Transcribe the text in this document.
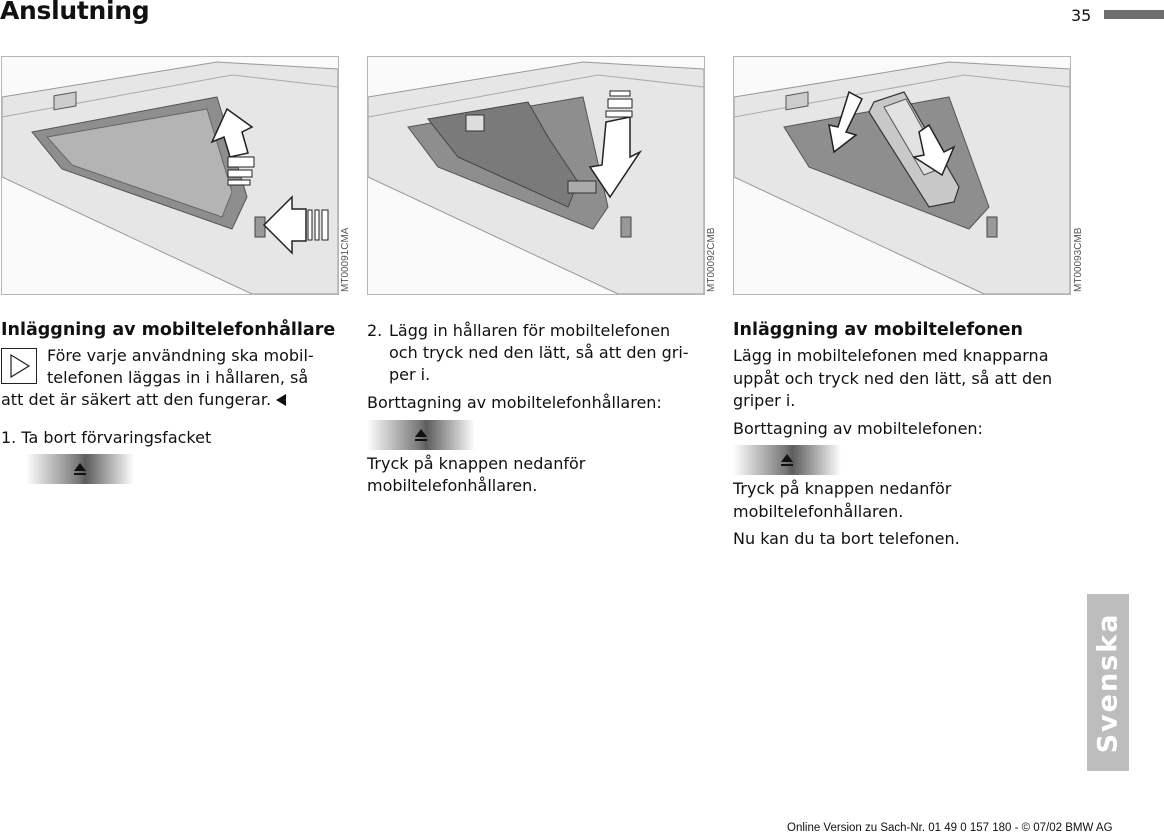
Anslutning	35
MT00091CMA	MT00092CMB	MT00093CMB

Inläggning av mobiltelefonhållare

Före varje användning ska mobil-

telefonen läggas in i hållaren, så

att det är säkert att den fungerar.

1. Ta bort förvaringsfacket

2. Lägg in hållaren för mobiltelefonen

och tryck ned den lätt, så att den gri-

per i.

Borttagning av mobiltelefonhållaren:

Tryck på knappen nedanför

mobiltelefonhållaren.

Inläggning av mobiltelefonen

Lägg in mobiltelefonen med knapparna

uppåt och tryck ned den lätt, så att den

griper i.

Borttagning av mobiltelefonen:

Tryck på knappen nedanför

mobiltelefonhållaren.

Nu kan du ta bort telefonen.

Svenska
Online Version zu Sach-Nr. 01 49 0 157 180 - © 07/02 BMW AG
